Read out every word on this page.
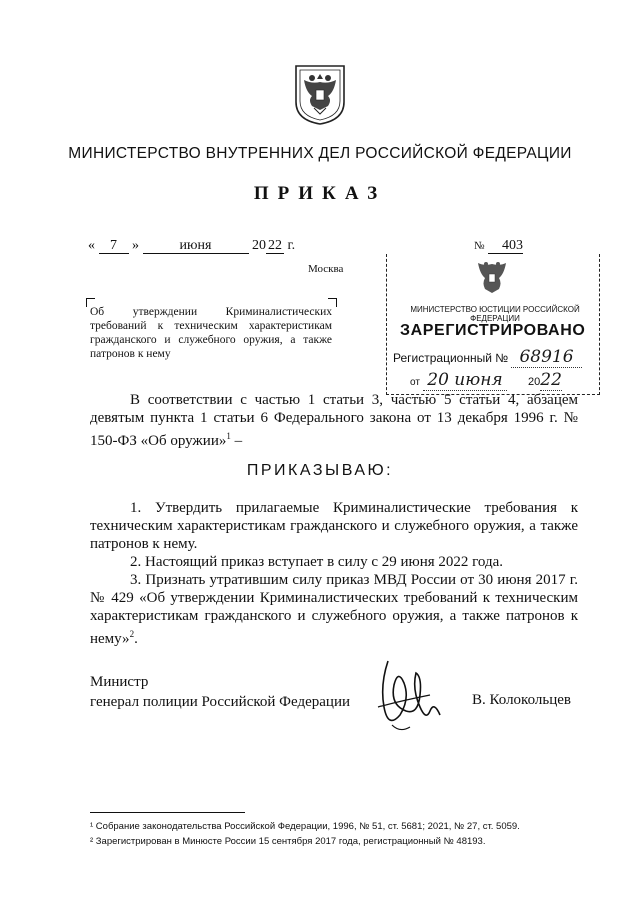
МИНИСТЕРСТВО ВНУТРЕННИХ ДЕЛ РОССИЙСКОЙ ФЕДЕРАЦИИ
ПРИКАЗ
« 7 »	июня	20 22 г.
Москва
№ 403
Об утверждении Криминалистических требований к техническим характеристикам гражданского и служебного оружия, а также патронов к нему
МИНИСТЕРСТВО ЮСТИЦИИ РОССИЙСКОЙ ФЕДЕРАЦИИ
ЗАРЕГИСТРИРОВАНО
Регистрационный № 68916
от 20 июня 2022

В соответствии с частью 1 статьи 3, частью 5 статьи 4, абзацем девятым пункта 1 статьи 6 Федерального закона от 13 декабря 1996 г. № 150-ФЗ «Об оружии»$^1$ –

ПРИКАЗЫВАЮ:

1. Утвердить прилагаемые Криминалистические требования к техническим характеристикам гражданского и служебного оружия, а также патронов к нему.

2. Настоящий приказ вступает в силу с 29 июня 2022 года.

3. Признать утратившим силу приказ МВД России от 30 июня 2017 г. № 429 «Об утверждении Криминалистических требований к техническим характеристикам гражданского и служебного оружия, а также патронов к нему»$^2$.

Министр
генерал полиции Российской Федерации	В. Колокольцев
¹ Собрание законодательства Российской Федерации, 1996, № 51, ст. 5681; 2021, № 27, ст. 5059.
² Зарегистрирован в Минюсте России 15 сентября 2017 года, регистрационный № 48193.
